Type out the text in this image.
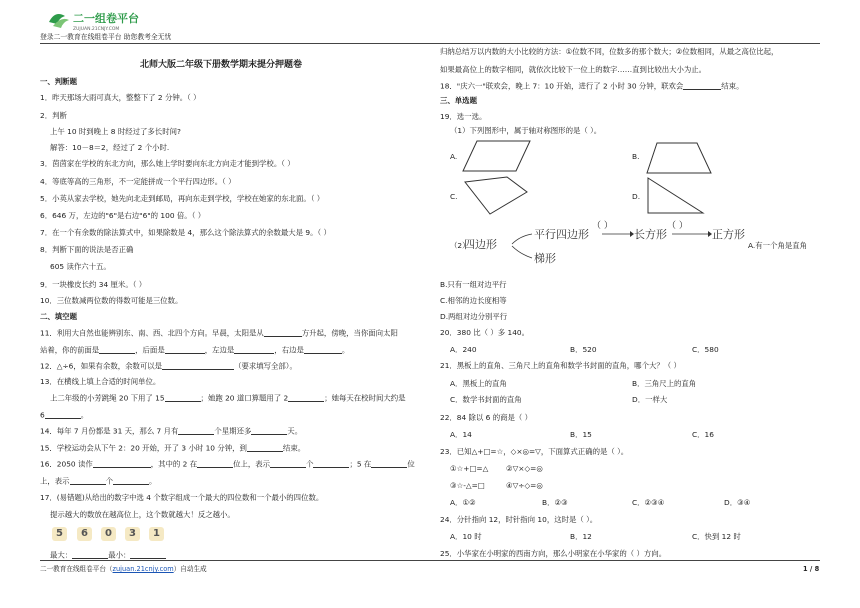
二一组卷平台
ZUJUAN.21CNJY.COM
登录二一教育在线组卷平台 助您教考全无忧
北师大版二年级下册数学期末提分押题卷
一、判断题
1．昨天那场大雨可真大，整整下了 2 分钟。（ ）
2．判断
上午 10 时到晚上 8 时经过了多长时间?
解答：10－8＝2，经过了 2 个小时.
3．茵茵家在学校的东北方向，那么她上学时要向东北方向走才能到学校。（ ）
4．等底等高的三角形，不一定能拼成一个平行四边形。（ ）
5．小英从家去学校，她先向北走到邮局，再向东走到学校，学校在她家的东北面。（ ）
6．646 万，左边的"6"是右边"6"的 100 倍。（ ）
7．在一个有余数的除法算式中，如果除数是 4，那么这个除法算式的余数最大是 9。（ ）
8．判断下面的说法是否正确
605 读作六十五。
9．一块橡皮长约 34 厘米。（ ）
10．三位数减两位数的得数可能是三位数。
二、填空题
11．利用大自然也能辨别东、南、西、北四个方向。早晨，太阳是从	方升起，傍晚，当你面向太阳
站着，你的前面是	，后面是	，左边是	，右边是	。
12．△÷6，如果有余数，余数可以是	（要求填写全部）。
13．在横线上填上合适的时间单位。
上二年级的小芳跳绳 20 下用了 15	；她跑 20 道口算题用了 2	；她每天在校时间大约是
6	。
14．每年 7 月份都是 31 天，那么 7 月有	个星期还多	天。
15．学校运动会从下午 2：20 开始，开了 3 小时 10 分钟，到	结束。
16．2050 读作	，其中的 2 在	位上，表示	个	；5 在	位
上，表示	个	。
17．(易错题)从给出的数字中选 4 个数字组成一个最大的四位数和一个最小的四位数。
提示越大的数放在越高位上，这个数就越大！反之越小。
5	6	0	3	1
最大：	最小：
归纳总结万以内数的大小比较的方法：①位数不同，位数多的那个数大；②位数相同，从最之高位比起，
如果最高位上的数字相同，就依次比较下一位上的数字……直到比较出大小为止。
18．"庆六一"联欢会，晚上 7：10 开始，进行了 2 小时 30 分钟，联欢会	结束。
三、单选题
19．选一选。
（1）下列图形中，属于轴对称图形的是（ ）。
A.	B.
C.	D.
（2）
四边形
平行四边形
梯形
长方形	正方形
（ ）	（ ）
A.有一个角是直角
B.只有一组对边平行
C.相邻的边长度相等
D.两组对边分别平行
20．380 比（ ）多 140。
A．240	B．520	C．580
21．黑板上的直角、三角尺上的直角和数学书封面的直角，哪个大？（ ）
A．黑板上的直角	B．三角尺上的直角
C．数学书封面的直角	D．一样大
22．84 除以 6 的商是（ ）
A．14	B．15	C．16
23．已知△+□=☆，◇×◎=▽，下面算式正确的是（ ）。
①☆+□=△ ②▽×◇=◎
③☆-△=□	④▽÷◇=◎
A．①②	B．②③	C．②③④	D．③④
24．分针指向 12，时针指向 10，这时是（ ）。
A．10 时	B．12	C．快到 12 时
25．小华家在小明家的西南方向，那么小明家在小华家的（ ）方向。
二一教育在线组卷平台（zujuan.21cnjy.com）自动生成	1 / 8
